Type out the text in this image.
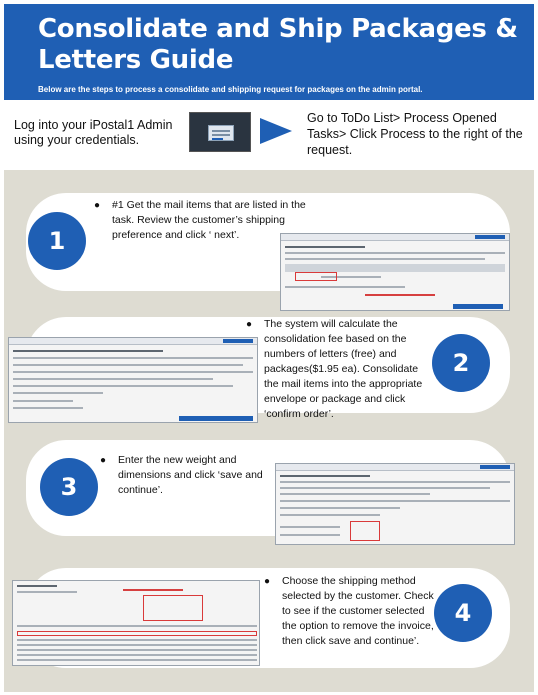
Consolidate and Ship Packages & Letters Guide
Below are the steps to process a consolidate and shipping request for packages on the admin portal.
Log into your iPostal1 Admin using your credentials.
Go to ToDo List> Process Opened Tasks> Click Process to the right of the request.
1
● #1 Get the mail items that are listed in the task. Review the customer’s shipping preference and click ‘ next’.
● The system will calculate the consolidation fee based on the numbers of letters (free) and packages($1.95 ea). Consolidate the mail items into the appropriate envelope or package and click ‘confirm order’.
2
3
● Enter the new weight and dimensions and click ‘save and continue’.
● Choose the shipping method selected by the customer. Check to see if the customer selected the option to remove the invoice, then click save and continue’.
4
